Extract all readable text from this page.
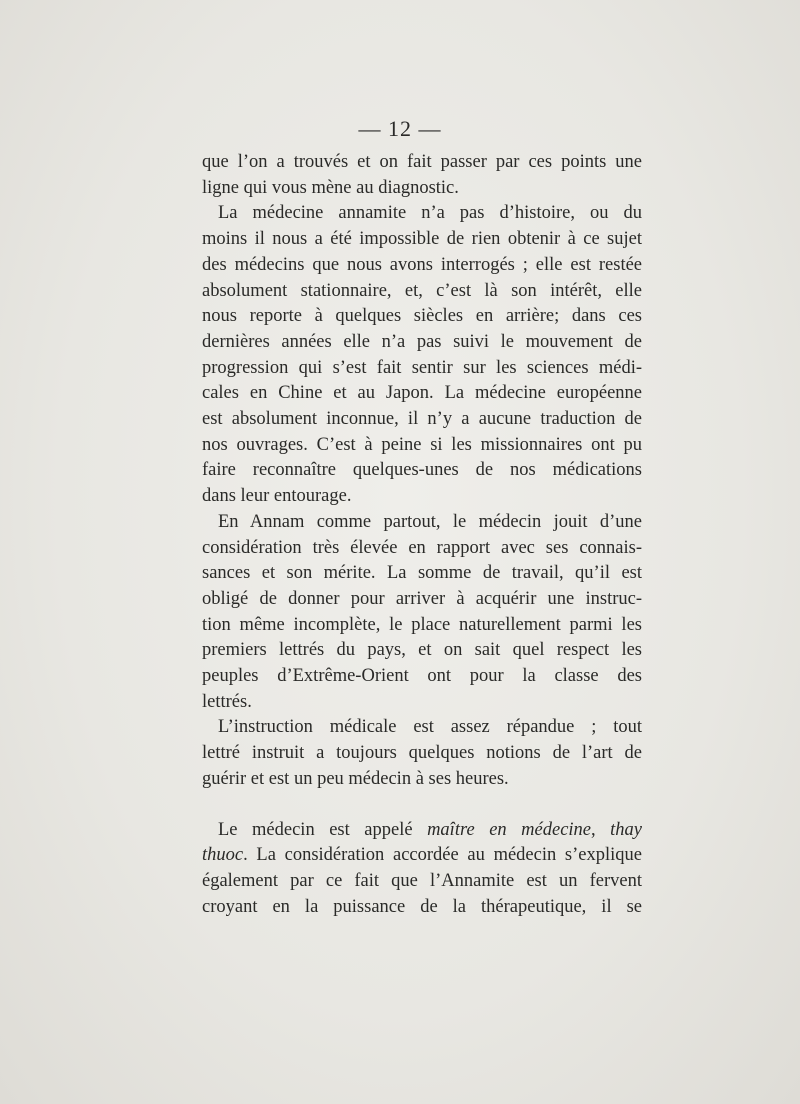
— 12 —
que l’on a trouvés et on fait passer par ces points une
ligne qui vous mène au diagnostic.
La médecine annamite n’a pas d’histoire, ou du
moins il nous a été impossible de rien obtenir à ce sujet
des médecins que nous avons interrogés ; elle est restée
absolument stationnaire, et, c’est là son intérêt, elle
nous reporte à quelques siècles en arrière; dans ces
dernières années elle n’a pas suivi le mouvement de
progression qui s’est fait sentir sur les sciences médi-
cales en Chine et au Japon. La médecine européenne
est absolument inconnue, il n’y a aucune traduction de
nos ouvrages. C’est à peine si les missionnaires ont pu
faire reconnaître quelques-unes de nos médications
dans leur entourage.
En Annam comme partout, le médecin jouit d’une
considération très élevée en rapport avec ses connais-
sances et son mérite. La somme de travail, qu’il est
obligé de donner pour arriver à acquérir une instruc-
tion même incomplète, le place naturellement parmi les
premiers lettrés du pays, et on sait quel respect les
peuples d’Extrême-Orient ont pour la classe des
lettrés.
L’instruction médicale est assez répandue ; tout
lettré instruit a toujours quelques notions de l’art de
guérir et est un peu médecin à ses heures.
Le médecin est appelé maître en médecine, thay
thuoc. La considération accordée au médecin s’explique
également par ce fait que l’Annamite est un fervent
croyant en la puissance de la thérapeutique, il se
